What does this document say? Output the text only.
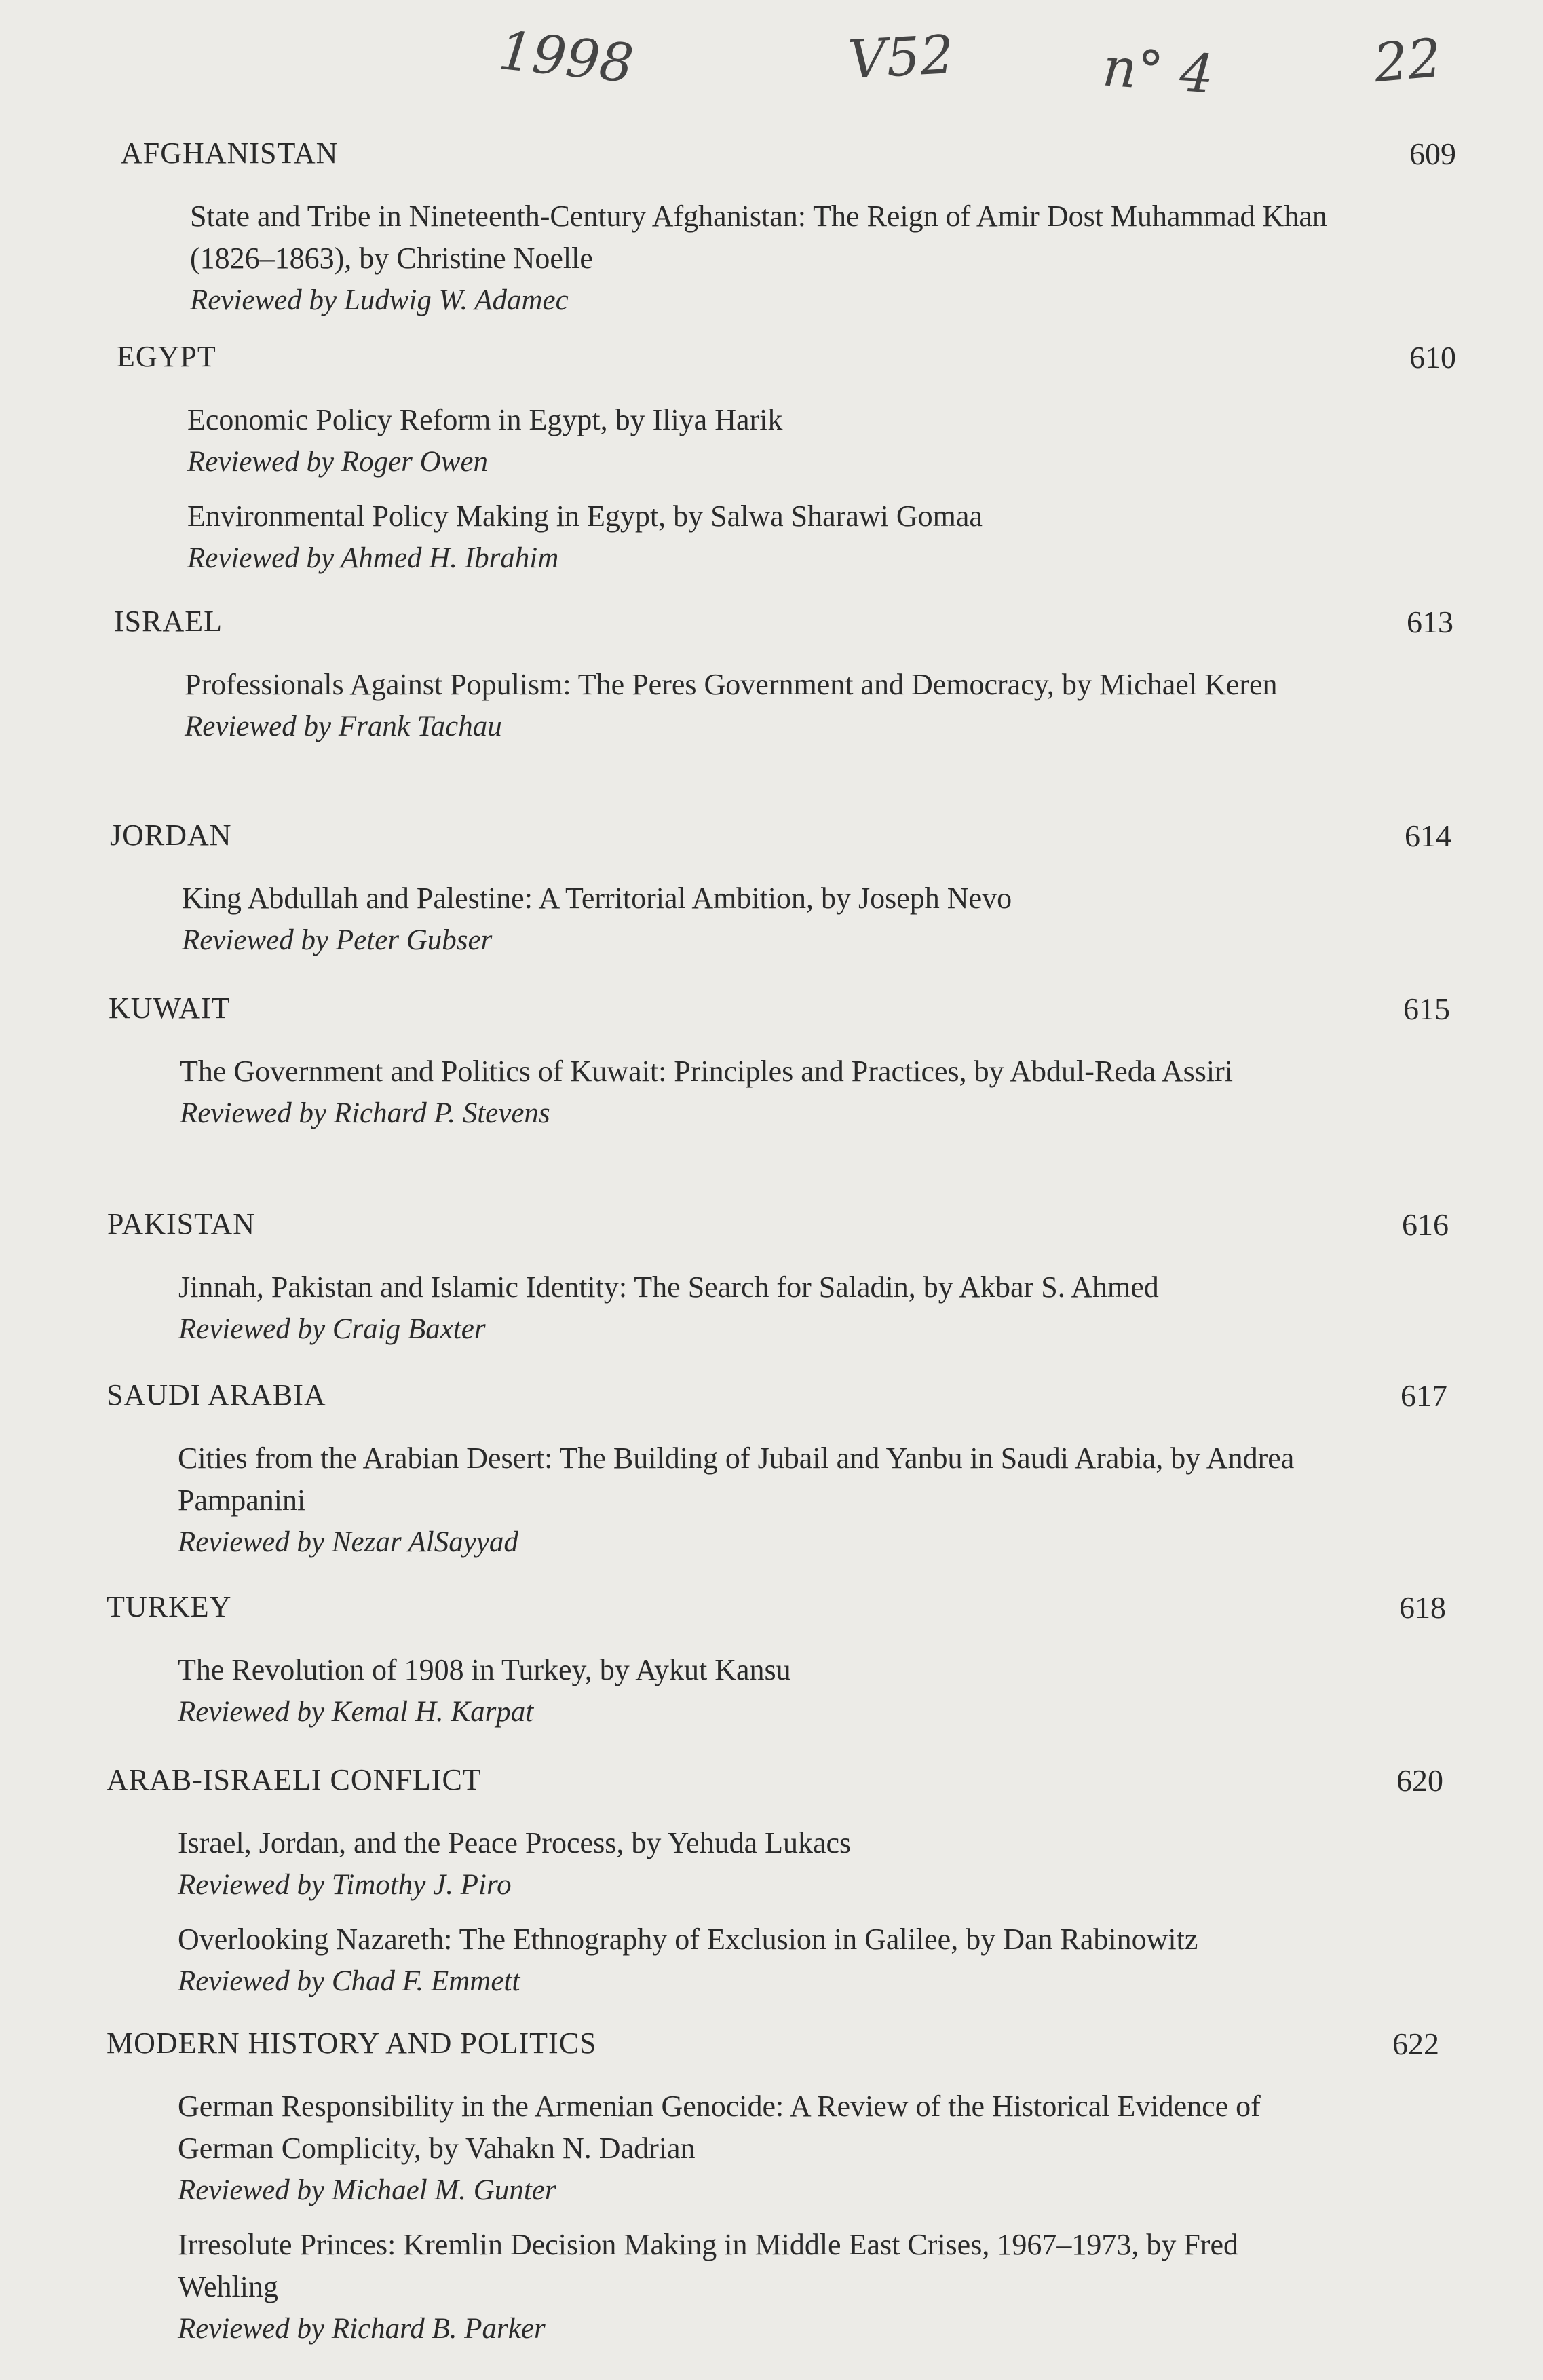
1998	V52	n° 4	22
AFGHANISTAN	609
State and Tribe in Nineteenth-Century Afghanistan: The Reign of Amir Dost Muhammad Khan (1826–1863), by Christine Noelle
Reviewed by Ludwig W. Adamec
EGYPT	610
Economic Policy Reform in Egypt, by Iliya Harik
Reviewed by Roger Owen
Environmental Policy Making in Egypt, by Salwa Sharawi Gomaa
Reviewed by Ahmed H. Ibrahim
ISRAEL	613
Professionals Against Populism: The Peres Government and Democracy, by Michael Keren
Reviewed by Frank Tachau
JORDAN	614
King Abdullah and Palestine: A Territorial Ambition, by Joseph Nevo
Reviewed by Peter Gubser
KUWAIT	615
The Government and Politics of Kuwait: Principles and Practices, by Abdul-Reda Assiri
Reviewed by Richard P. Stevens
PAKISTAN	616
Jinnah, Pakistan and Islamic Identity: The Search for Saladin, by Akbar S. Ahmed
Reviewed by Craig Baxter
SAUDI ARABIA	617
Cities from the Arabian Desert: The Building of Jubail and Yanbu in Saudi Arabia, by Andrea Pampanini
Reviewed by Nezar AlSayyad
TURKEY	618
The Revolution of 1908 in Turkey, by Aykut Kansu
Reviewed by Kemal H. Karpat
ARAB-ISRAELI CONFLICT	620
Israel, Jordan, and the Peace Process, by Yehuda Lukacs
Reviewed by Timothy J. Piro
Overlooking Nazareth: The Ethnography of Exclusion in Galilee, by Dan Rabinowitz
Reviewed by Chad F. Emmett
MODERN HISTORY AND POLITICS	622
German Responsibility in the Armenian Genocide: A Review of the Historical Evidence of German Complicity, by Vahakn N. Dadrian
Reviewed by Michael M. Gunter
Irresolute Princes: Kremlin Decision Making in Middle East Crises, 1967–1973, by Fred Wehling
Reviewed by Richard B. Parker
